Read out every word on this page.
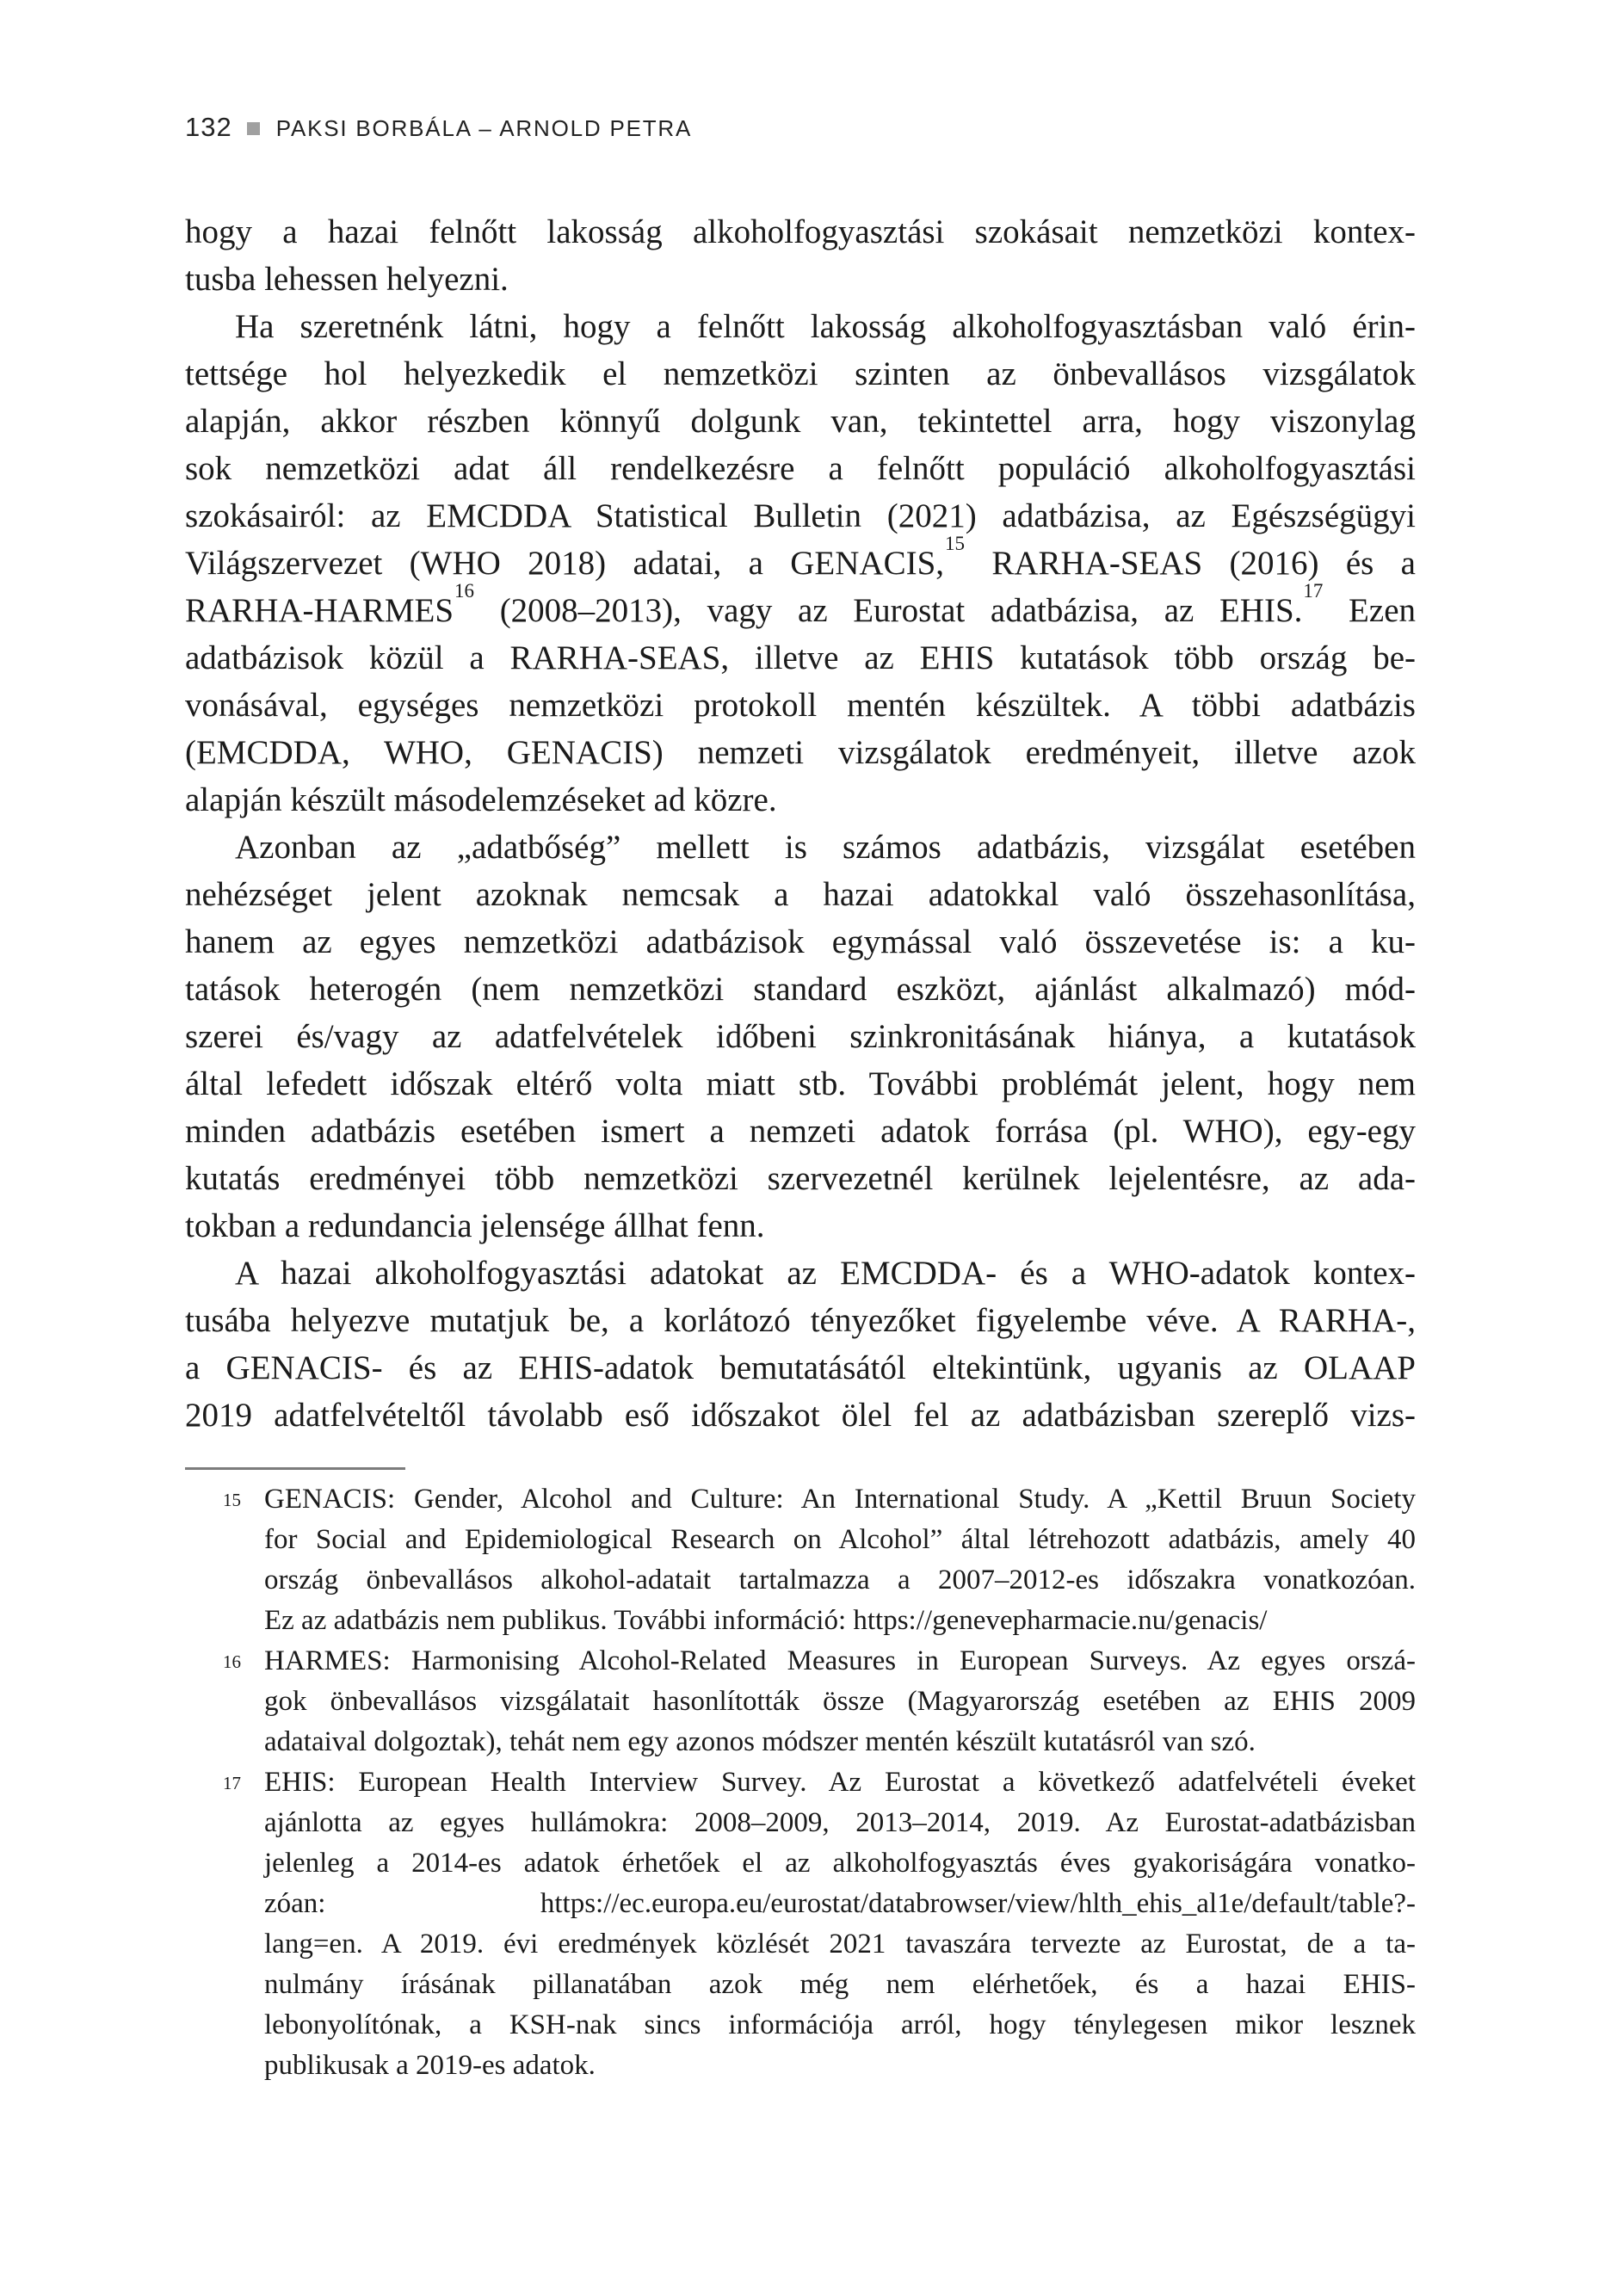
132 PAKSI BORBÁLA – ARNOLD PETRA
hogy a hazai felnőtt lakosság alkoholfogyasztási szokásait nemzetközi kontex-
tusba lehessen helyezni.
Ha szeretnénk látni, hogy a felnőtt lakosság alkoholfogyasztásban való érin-
tettsége hol helyezkedik el nemzetközi szinten az önbevallásos vizsgálatok
alapján, akkor részben könnyű dolgunk van, tekintettel arra, hogy viszonylag
sok nemzetközi adat áll rendelkezésre a felnőtt populáció alkoholfogyasztási
szokásairól: az EMCDDA Statistical Bulletin (2021) adatbázisa, az Egészségügyi
Világszervezet (WHO 2018) adatai, a GENACIS,$^{15}$ RARHA-SEAS (2016) és a
RARHA-HARMES$^{16}$ (2008–2013), vagy az Eurostat adatbázisa, az EHIS.$^{17}$ Ezen
adatbázisok közül a RARHA-SEAS, illetve az EHIS kutatások több ország be-
vonásával, egységes nemzetközi protokoll mentén készültek. A többi adatbázis
(EMCDDA, WHO, GENACIS) nemzeti vizsgálatok eredményeit, illetve azok
alapján készült másodelemzéseket ad közre.
Azonban az „adatbőség” mellett is számos adatbázis, vizsgálat esetében
nehézséget jelent azoknak nemcsak a hazai adatokkal való összehasonlítása,
hanem az egyes nemzetközi adatbázisok egymással való összevetése is: a ku-
tatások heterogén (nem nemzetközi standard eszközt, ajánlást alkalmazó) mód-
szerei és/vagy az adatfelvételek időbeni szinkronitásának hiánya, a kutatások
által lefedett időszak eltérő volta miatt stb. További problémát jelent, hogy nem
minden adatbázis esetében ismert a nemzeti adatok forrása (pl. WHO), egy-egy
kutatás eredményei több nemzetközi szervezetnél kerülnek lejelentésre, az ada-
tokban a redundancia jelensége állhat fenn.
A hazai alkoholfogyasztási adatokat az EMCDDA- és a WHO-adatok kontex-
tusába helyezve mutatjuk be, a korlátozó tényezőket figyelembe véve. A RARHA-,
a GENACIS- és az EHIS-adatok bemutatásától eltekintünk, ugyanis az OLAAP
2019 adatfelvételtől távolabb eső időszakot ölel fel az adatbázisban szereplő vizs-
15 GENACIS: Gender, Alcohol and Culture: An International Study. A „Kettil Bruun Society
for Social and Epidemiological Research on Alcohol” által létrehozott adatbázis, amely 40
ország önbevallásos alkohol-adatait tartalmazza a 2007–2012-es időszakra vonatkozóan.
Ez az adatbázis nem publikus. További információ: https://genevepharmacie.nu/genacis/
16 HARMES: Harmonising Alcohol-Related Measures in European Surveys. Az egyes orszá-
gok önbevallásos vizsgálatait hasonlították össze (Magyarország esetében az EHIS 2009
adataival dolgoztak), tehát nem egy azonos módszer mentén készült kutatásról van szó.
17 EHIS: European Health Interview Survey. Az Eurostat a következő adatfelvételi éveket
ajánlotta az egyes hullámokra: 2008–2009, 2013–2014, 2019. Az Eurostat-adatbázisban
jelenleg a 2014-es adatok érhetőek el az alkoholfogyasztás éves gyakoriságára vonatko-
zóan: https://ec.europa.eu/eurostat/databrowser/view/hlth_ehis_al1e/default/table?-
lang=en. A 2019. évi eredmények közlését 2021 tavaszára tervezte az Eurostat, de a ta-
nulmány írásának pillanatában azok még nem elérhetőek, és a hazai EHIS-
lebonyolítónak, a KSH-nak sincs információja arról, hogy ténylegesen mikor lesznek
publikusak a 2019-es adatok.
